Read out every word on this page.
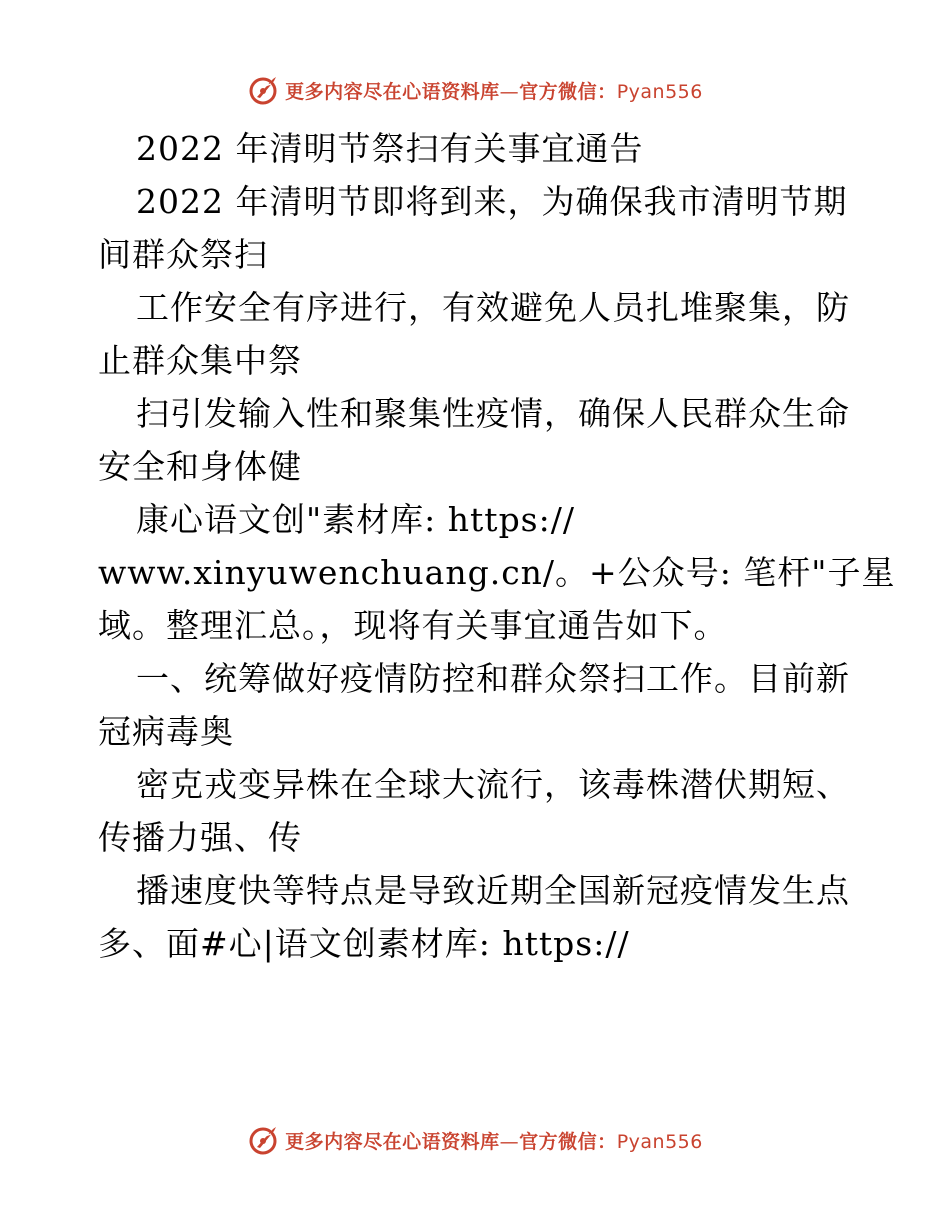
更多内容尽在心语资料库—官方微信：Pyan556
2022 年清明节祭扫有关事宜通告
2022 年清明节即将到来，为确保我市清明节期
间群众祭扫
工作安全有序进行，有效避免人员扎堆聚集，防
止群众集中祭
扫引发输入性和聚集性疫情，确保人民群众生命
安全和身体健
康心语文创"素材库: https://
www.xinyuwenchuang.cn/。+公众号: 笔杆"子星
域。整理汇总。，现将有关事宜通告如下。
一、统筹做好疫情防控和群众祭扫工作。目前新
冠病毒奥
密克戎变异株在全球大流行，该毒株潜伏期短、
传播力强、传
播速度快等特点是导致近期全国新冠疫情发生点
多、面#心|语文创素材库: https://
更多内容尽在心语资料库—官方微信：Pyan556
